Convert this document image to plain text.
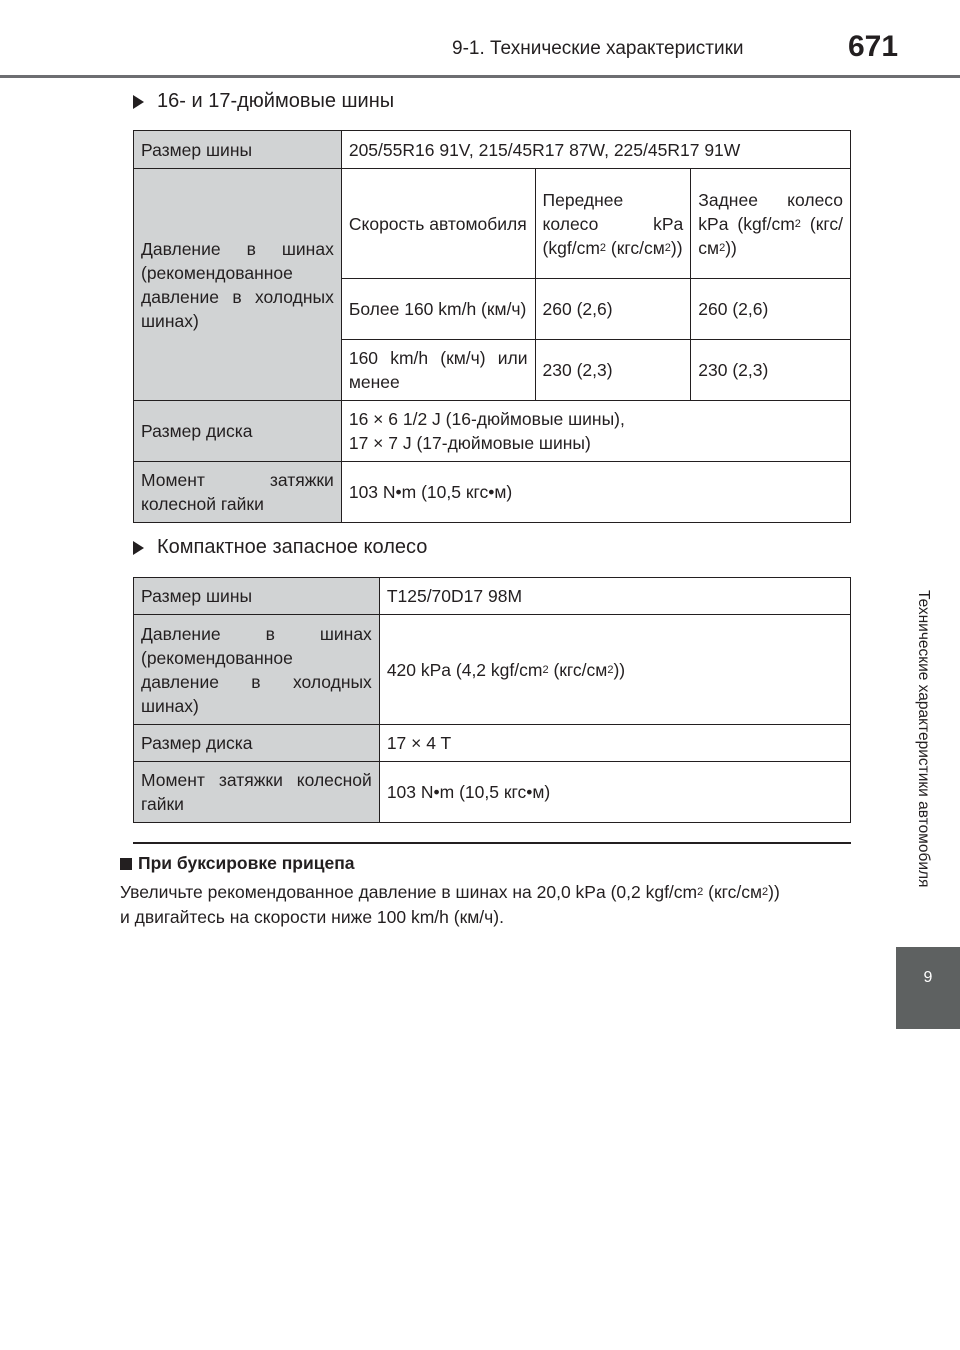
9-1. Технические характеристики	671
Технические характеристики автомобиля
9
16- и 17-дюймовые шины
Размер шины	205/55R16 91V, 215/45R17 87W, 225/45R17 91W		
Давление в шинах (рекомендованное давление в холодных шинах)	Скорость автомобиля	Переднее колесо kPa ($kgf/cm^2$ $(кгс/см^2)$)	Заднее колесо kPa ($kgf/cm^2$ $(кгс/см^2)$)
	Более 160 km/h (км/ч)	260 (2,6)	260 (2,6)
	160 km/h (км/ч) или менее	230 (2,3)	230 (2,3)
Размер диска	16 × 6 1/2 J (16-дюймовые шины),
17 × 7 J (17-дюймовые шины)		

Момент затяжки колесной гайки	103 N•m (10,5 кгс•м)		
Компактное запасное колесо
Размер шины	T125/70D17 98M
Давление в шинах (рекомендованное давление в холодных шинах)	420 kPa (4,2 kgf/$cm^2$ $(кгс/см^2)$)
Размер диска	17 × 4 T
Момент затяжки колесной гайки	103 N•m (10,5 кгс•м)
При буксировке прицепа
Увеличьте рекомендованное давление в шинах на 20,0 kPa (0,2 kgf/$cm^2$ $(кгс/см^2)$)
и двигайтесь на скорости ниже 100 km/h (км/ч).
